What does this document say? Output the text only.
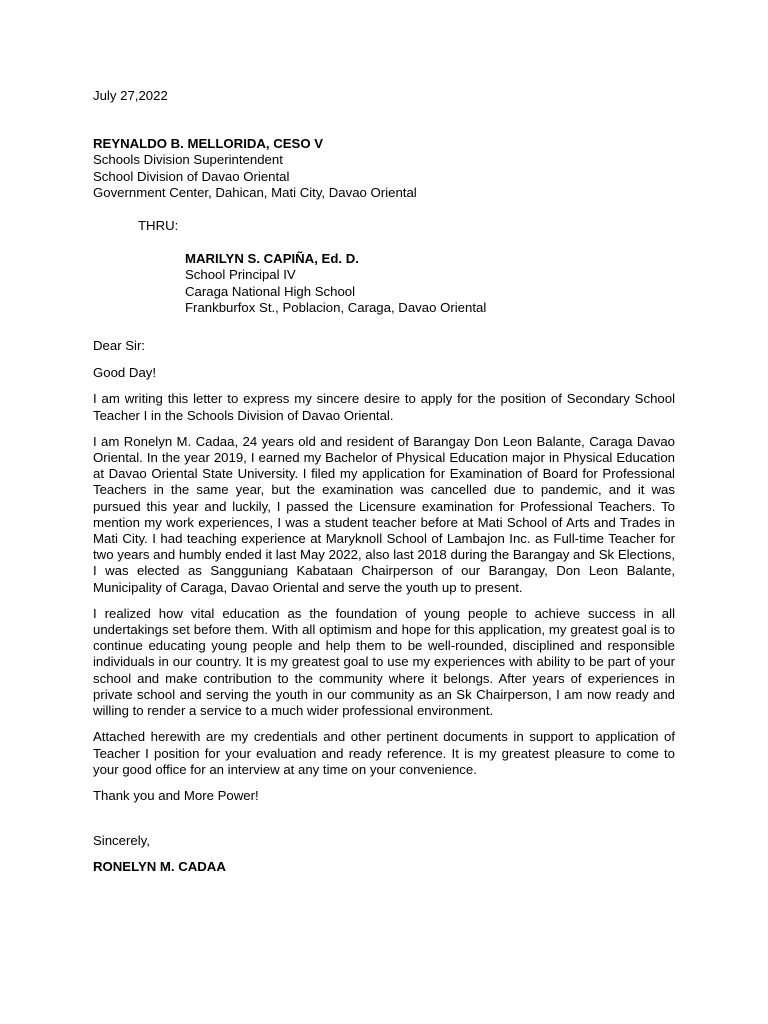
July 27,2022
REYNALDO B. MELLORIDA, CESO V
Schools Division Superintendent
School Division of Davao Oriental
Government Center, Dahican, Mati City, Davao Oriental
THRU:
MARILYN S. CAPIÑA, Ed. D.
School Principal IV
Caraga National High School
Frankburfox St., Poblacion, Caraga, Davao Oriental
Dear Sir:
Good Day!

I am writing this letter to express my sincere desire to apply for the position of Secondary School Teacher I in the Schools Division of Davao Oriental.

I am Ronelyn M. Cadaa, 24 years old and resident of Barangay Don Leon Balante, Caraga Davao Oriental. In the year 2019, I earned my Bachelor of Physical Education major in Physical Education at Davao Oriental State University. I filed my application for Examination of Board for Professional Teachers in the same year, but the examination was cancelled due to pandemic, and it was pursued this year and luckily, I passed the Licensure examination for Professional Teachers. To mention my work experiences, I was a student teacher before at Mati School of Arts and Trades in Mati City. I had teaching experience at Maryknoll School of Lambajon Inc. as Full-time Teacher for two years and humbly ended it last May 2022, also last 2018 during the Barangay and Sk Elections, I was elected as Sangguniang Kabataan Chairperson of our Barangay, Don Leon Balante, Municipality of Caraga, Davao Oriental and serve the youth up to present.

I realized how vital education as the foundation of young people to achieve success in all undertakings set before them. With all optimism and hope for this application, my greatest goal is to continue educating young people and help them to be well-rounded, disciplined and responsible individuals in our country. It is my greatest goal to use my experiences with ability to be part of your school and make contribution to the community where it belongs. After years of experiences in private school and serving the youth in our community as an Sk Chairperson, I am now ready and willing to render a service to a much wider professional environment.

Attached herewith are my credentials and other pertinent documents in support to application of Teacher I position for your evaluation and ready reference. It is my greatest pleasure to come to your good office for an interview at any time on your convenience.

Thank you and More Power!
Sincerely,
RONELYN M. CADAA
